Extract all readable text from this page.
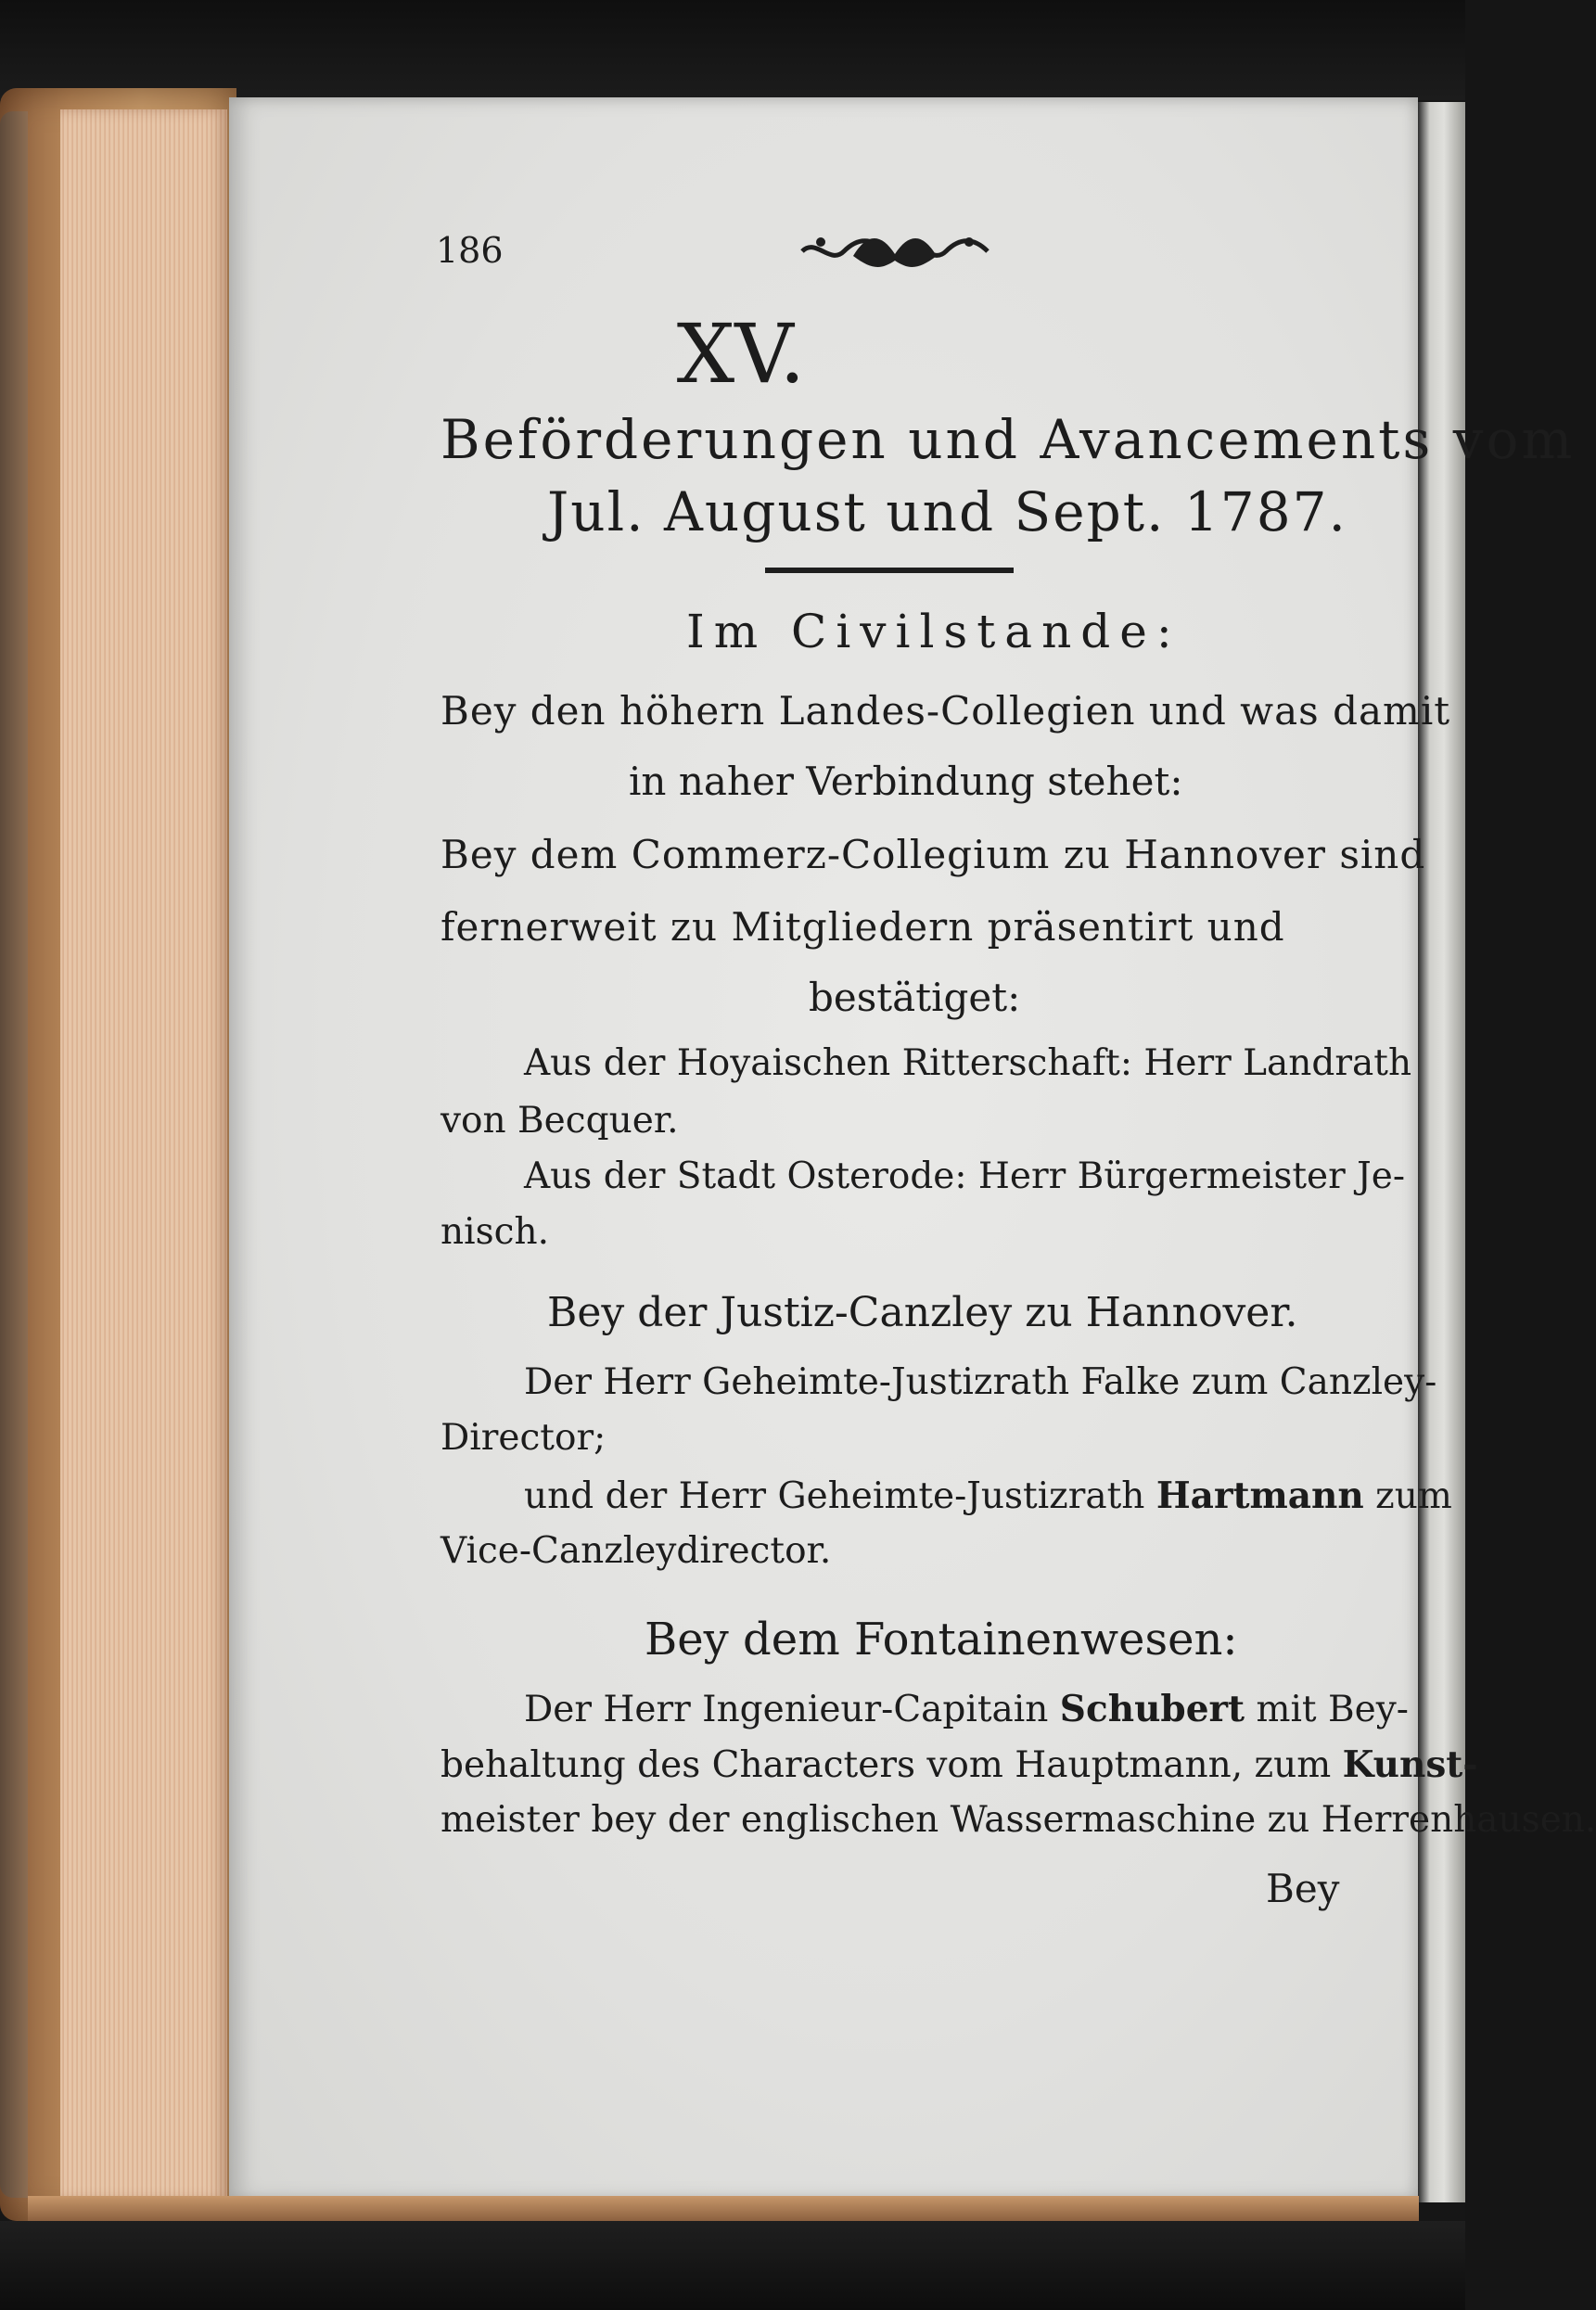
186

XV.

Beförderungen und Avancements vom

Jul. August und Sept. 1787.

Im Civilstande:

Bey den höhern Landes-Collegien und was damit

in naher Verbindung stehet:

Bey dem Commerz-Collegium zu Hannover sind

fernerweit zu Mitgliedern präsentirt und

bestätiget:

Aus der Hoyaischen Ritterschaft: Herr Landrath

von Becquer.

Aus der Stadt Osterode: Herr Bürgermeister Je-

nisch.

Bey der Justiz-Canzley zu Hannover.

Der Herr Geheimte-Justizrath Falke zum Canzley-

Director;

und der Herr Geheimte-Justizrath Hartmann zum

Vice-Canzleydirector.

Bey dem Fontainenwesen:

Der Herr Ingenieur-Capitain Schubert mit Bey-

behaltung des Characters vom Hauptmann, zum Kunst-

meister bey der englischen Wassermaschine zu Herrenhausen.

Bey
